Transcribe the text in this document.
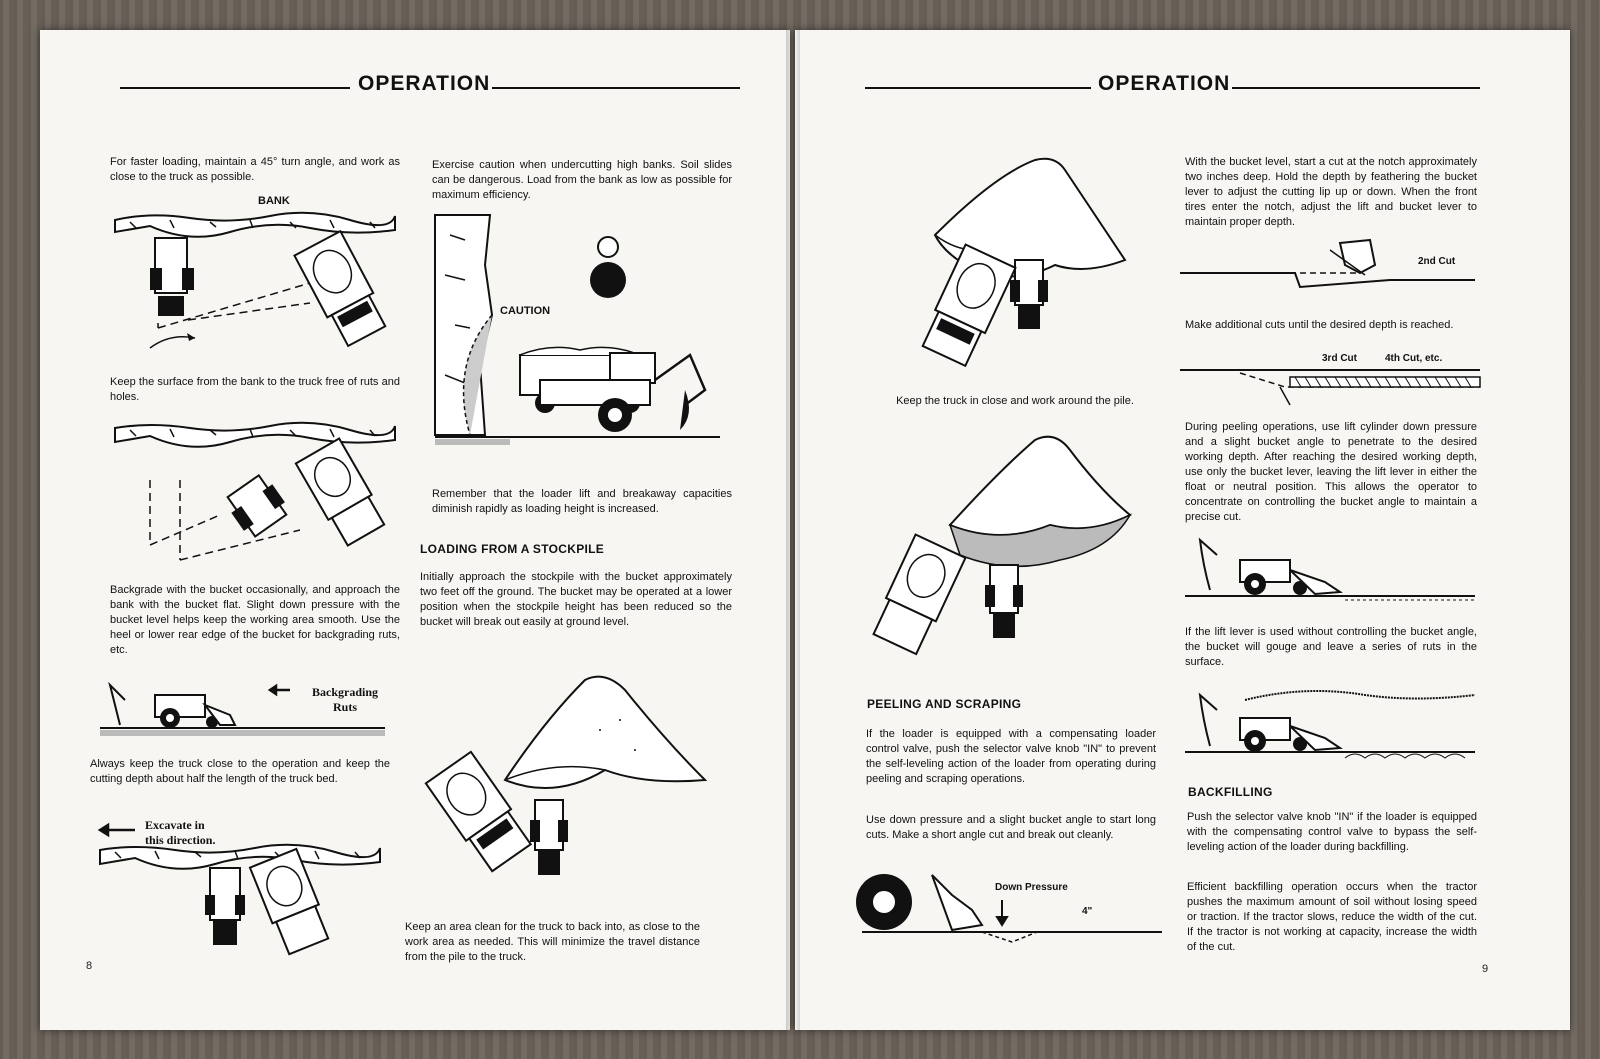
OPERATION
For faster loading, maintain a 45° turn angle, and work as close to the truck as possible.
BANK
Keep the surface from the bank to the truck free of ruts and holes.
Backgrade with the bucket occasionally, and approach the bank with the bucket flat. Slight down pressure with the bucket level helps keep the working area smooth. Use the heel or lower rear edge of the bucket for backgrading ruts, etc.
Backgrading Ruts
Always keep the truck close to the operation and keep the cutting depth about half the length of the truck bed.
Excavate in this direction.
8
Exercise caution when undercutting high banks. Soil slides can be dangerous. Load from the bank as low as possible for maximum efficiency.
CAUTION
Remember that the loader lift and breakaway capacities diminish rapidly as loading height is increased.
LOADING FROM A STOCKPILE
Initially approach the stockpile with the bucket approximately two feet off the ground. The bucket may be operated at a lower position when the stockpile height has been reduced so the bucket will break out easily at ground level.
Keep an area clean for the truck to back into, as close to the work area as needed. This will minimize the travel distance from the pile to the truck.
OPERATION
Keep the truck in close and work around the pile.
PEELING AND SCRAPING
If the loader is equipped with a compensating loader control valve, push the selector valve knob "IN" to prevent the self-leveling action of the loader from operating during peeling and scraping operations.
Use down pressure and a slight bucket angle to start long cuts. Make a short angle cut and break out cleanly.
Down Pressure
4"
With the bucket level, start a cut at the notch approximately two inches deep. Hold the depth by feathering the bucket lever to adjust the cutting lip up or down. When the front tires enter the notch, adjust the lift and bucket lever to maintain proper depth.
2nd Cut
Make additional cuts until the desired depth is reached.
3rd Cut	4th Cut, etc.
During peeling operations, use lift cylinder down pressure and a slight bucket angle to penetrate to the desired working depth. After reaching the desired working depth, use only the bucket lever, leaving the lift lever in either the float or neutral position. This allows the operator to concentrate on controlling the bucket angle to maintain a precise cut.
If the lift lever is used without controlling the bucket angle, the bucket will gouge and leave a series of ruts in the surface.
BACKFILLING
Push the selector valve knob "IN" if the loader is equipped with the compensating control valve to bypass the self-leveling action of the loader during backfilling.
Efficient backfilling operation occurs when the tractor pushes the maximum amount of soil without losing speed or traction. If the tractor slows, reduce the width of the cut. If the tractor is not working at capacity, increase the width of the cut.
9
